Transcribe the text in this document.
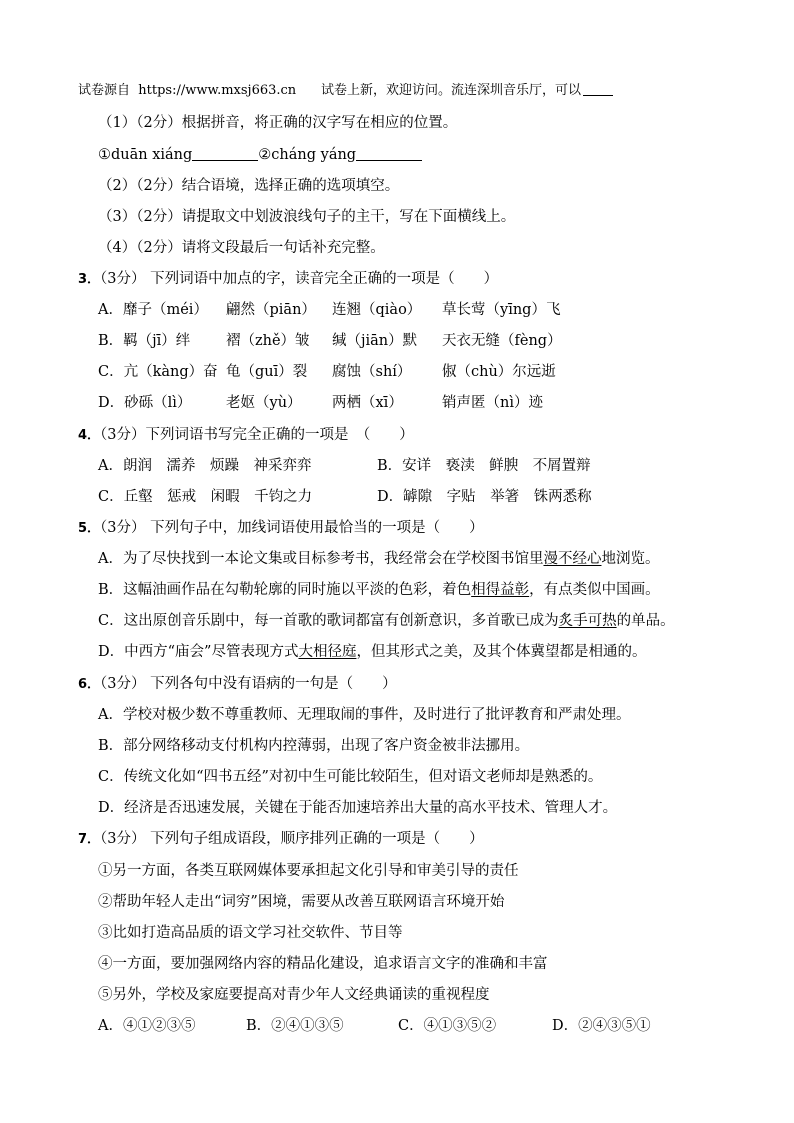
试卷源自 https://www.mxsj663.cn 试卷上新，欢迎访问。流连深圳音乐厅，可以
（1）（2分）根据拼音，将正确的汉字写在相应的位置。
①duān xiáng	②cháng yáng
（2）（2分）结合语境，选择正确的选项填空。
（3）（2分）请提取文中划波浪线句子的主干，写在下面横线上。
（4）（2分）请将文段最后一句话补充完整。
3．（3分） 下列词语中加点的字，读音完全正确的一项是（　　）
A．靡子（méi） 翩然（piān） 连翘（qiào） 草长莺（yīng）飞
B．羁（jī）绊 褶（zhě）皱 缄（jiān）默 天衣无缝（fèng）
C．亢（kàng）奋 龟（guī）裂 腐蚀（shí） 俶（chù）尔远逝
D．砂砾（lì） 老妪（yù） 两栖（xī）	销声匿（nì）迹
4．（3分）下列词语书写完全正确的一项是　（　　）
A．朗润　濡养　烦躁　神采弈弈	B．安详　亵渎　鲜腴　不屑置辩
C．丘壑　惩戒　闲暇　千钧之力	D．罅隙　字贴　举箸　铢两悉称
5．（3分） 下列句子中，加线词语使用最恰当的一项是（　　）
A．为了尽快找到一本论文集或目标参考书，我经常会在学校图书馆里漫不经心地浏览。
B．这幅油画作品在勾勒轮廓的同时施以平淡的色彩，着色相得益彰，有点类似中国画。
C．这出原创音乐剧中，每一首歌的歌词都富有创新意识，多首歌已成为炙手可热的单品。
D．中西方“庙会”尽管表现方式大相径庭，但其形式之美，及其个体冀望都是相通的。
6．（3分） 下列各句中没有语病的一句是（　　）
A．学校对极少数不尊重教师、无理取闹的事件，及时进行了批评教育和严肃处理。
B．部分网络移动支付机构内控薄弱，出现了客户资金被非法挪用。
C．传统文化如“四书五经”对初中生可能比较陌生，但对语文老师却是熟悉的。
D．经济是否迅速发展，关键在于能否加速培养出大量的高水平技术、管理人才。
7．（3分） 下列句子组成语段，顺序排列正确的一项是（　　）
①另一方面，各类互联网媒体要承担起文化引导和审美引导的责任
②帮助年轻人走出“词穷”困境，需要从改善互联网语言环境开始
③比如打造高品质的语文学习社交软件、节目等
④一方面，要加强网络内容的精品化建设，追求语言文字的准确和丰富
⑤另外，学校及家庭要提高对青少年人文经典诵读的重视程度
A．④①②③⑤	B．②④①③⑤	C．④①③⑤②	D．②④③⑤①
